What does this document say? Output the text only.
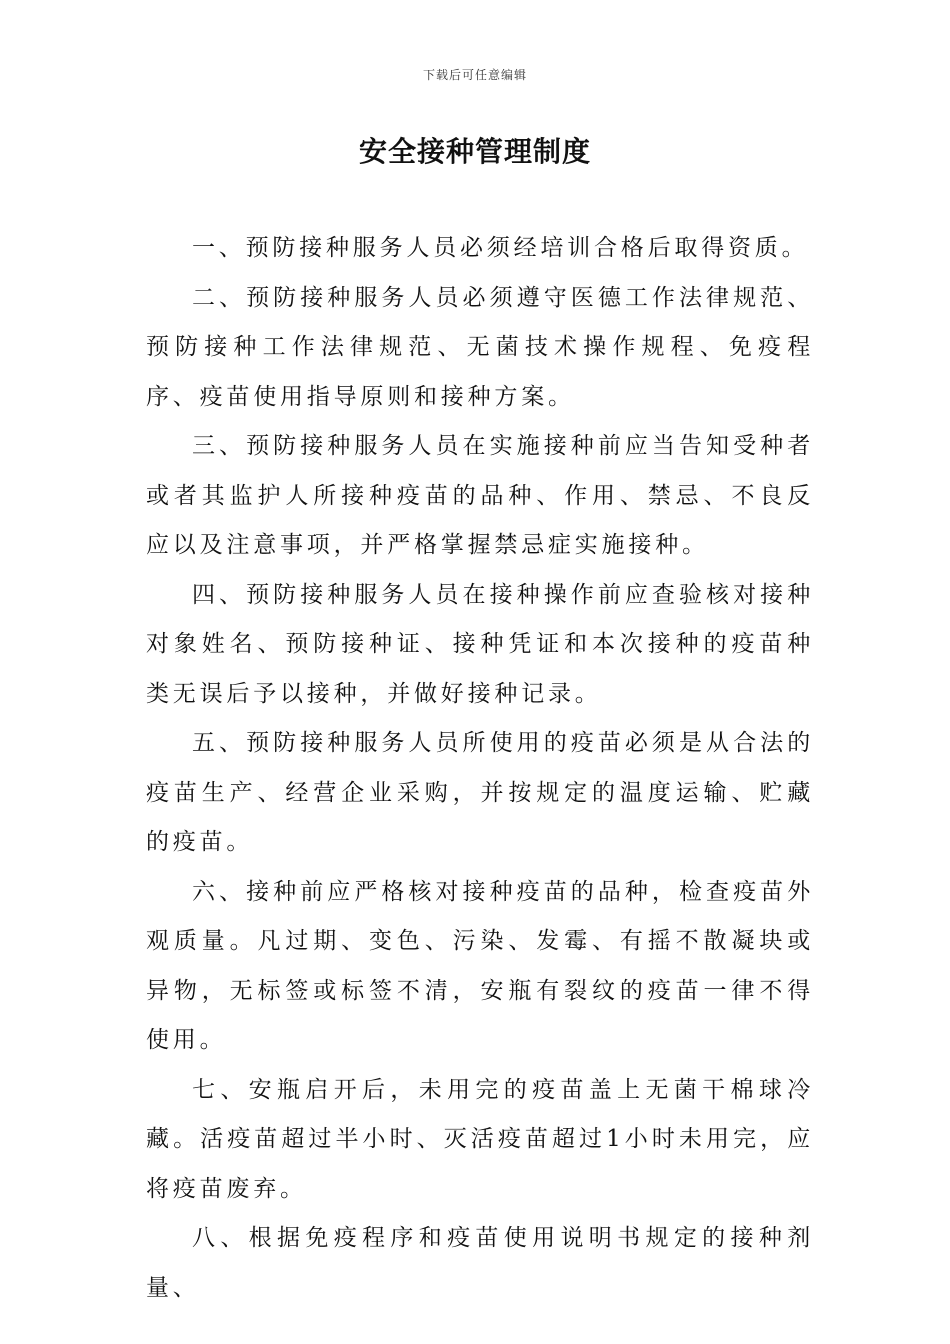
下载后可任意编辑
安全接种管理制度

一、预防接种服务人员必须经培训合格后取得资质。

二、预防接种服务人员必须遵守医德工作法律规范、预防接种工作法律规范、无菌技术操作规程、免疫程序、疫苗使用指导原则和接种方案。

三、预防接种服务人员在实施接种前应当告知受种者或者其监护人所接种疫苗的品种、作用、禁忌、不良反应以及注意事项，并严格掌握禁忌症实施接种。

四、预防接种服务人员在接种操作前应查验核对接种对象姓名、预防接种证、接种凭证和本次接种的疫苗种类无误后予以接种，并做好接种记录。

五、预防接种服务人员所使用的疫苗必须是从合法的疫苗生产、经营企业采购，并按规定的温度运输、贮藏的疫苗。

六、接种前应严格核对接种疫苗的品种，检查疫苗外观质量。凡过期、变色、污染、发霉、有摇不散凝块或异物，无标签或标签不清，安瓶有裂纹的疫苗一律不得使用。

七、安瓶启开后，未用完的疫苗盖上无菌干棉球冷藏。活疫苗超过半小时、灭活疫苗超过1小时未用完，应将疫苗废弃。

八、根据免疫程序和疫苗使用说明书规定的接种剂量、
